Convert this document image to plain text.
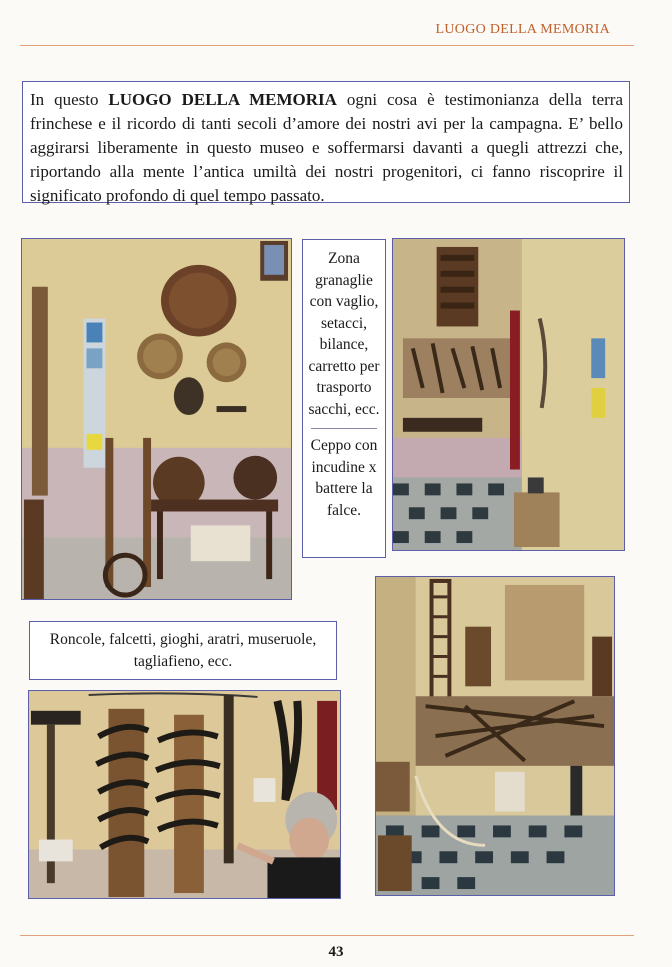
LUOGO DELLA MEMORIA
In questo LUOGO DELLA MEMORIA ogni cosa è testimonianza della terra frinchese e il ricordo di tanti secoli d’amore dei nostri avi per la campagna. E’ bello aggirarsi liberamente in questo museo e soffermarsi davanti a quegli attrezzi che, riportando alla mente l’antica umiltà dei nostri progenitori, ci fanno riscoprire il significato profondo di quel tempo passato.
Zona granaglie con vaglio, setacci, bilance, carretto per trasporto sacchi, ecc.
Ceppo con incudine x battere la falce.
Roncole, falcetti, gioghi, aratri, museruole, tagliafieno, ecc.
43
